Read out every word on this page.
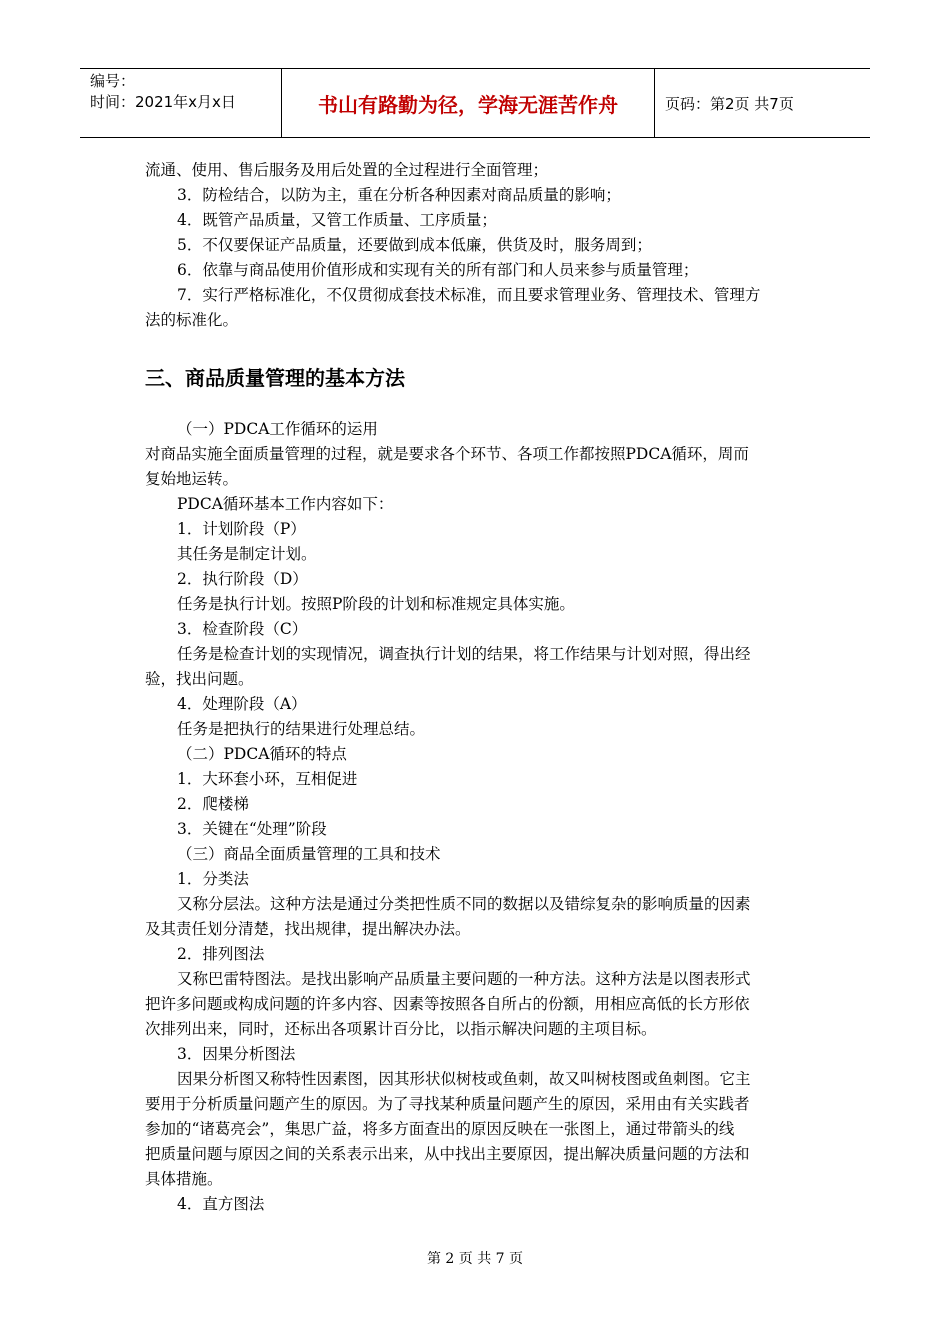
编号：
时间：2021年x月x日	书山有路勤为径，学海无涯苦作舟	页码：第2页 共7页

流通、使用、售后服务及用后处置的全过程进行全面管理；

3．防检结合，以防为主，重在分析各种因素对商品质量的影响；

4．既管产品质量，又管工作质量、工序质量；

5．不仅要保证产品质量，还要做到成本低廉，供货及时，服务周到；

6．依靠与商品使用价值形成和实现有关的所有部门和人员来参与质量管理；

7．实行严格标准化，不仅贯彻成套技术标准，而且要求管理业务、管理技术、管理方

法的标准化。

三、商品质量管理的基本方法

（一）PDCA工作循环的运用

对商品实施全面质量管理的过程，就是要求各个环节、各项工作都按照PDCA循环，周而

复始地运转。

PDCA循环基本工作内容如下：

1．计划阶段（P）

其任务是制定计划。

2．执行阶段（D）

任务是执行计划。按照P阶段的计划和标准规定具体实施。

3．检查阶段（C）

任务是检查计划的实现情况，调查执行计划的结果，将工作结果与计划对照，得出经

验，找出问题。

4．处理阶段（A）

任务是把执行的结果进行处理总结。

（二）PDCA循环的特点

1．大环套小环，互相促进

2．爬楼梯

3．关键在“处理”阶段

（三）商品全面质量管理的工具和技术

1．分类法

又称分层法。这种方法是通过分类把性质不同的数据以及错综复杂的影响质量的因素

及其责任划分清楚，找出规律，提出解决办法。

2．排列图法

又称巴雷特图法。是找出影响产品质量主要问题的一种方法。这种方法是以图表形式

把许多问题或构成问题的许多内容、因素等按照各自所占的份额，用相应高低的长方形依

次排列出来，同时，还标出各项累计百分比，以指示解决问题的主项目标。

3．因果分析图法

因果分析图又称特性因素图，因其形状似树枝或鱼刺，故又叫树枝图或鱼刺图。它主

要用于分析质量问题产生的原因。为了寻找某种质量问题产生的原因，采用由有关实践者

参加的“诸葛亮会”，集思广益，将多方面查出的原因反映在一张图上，通过带箭头的线

把质量问题与原因之间的关系表示出来，从中找出主要原因，提出解决质量问题的方法和

具体措施。

4．直方图法

第 2 页 共 7 页
